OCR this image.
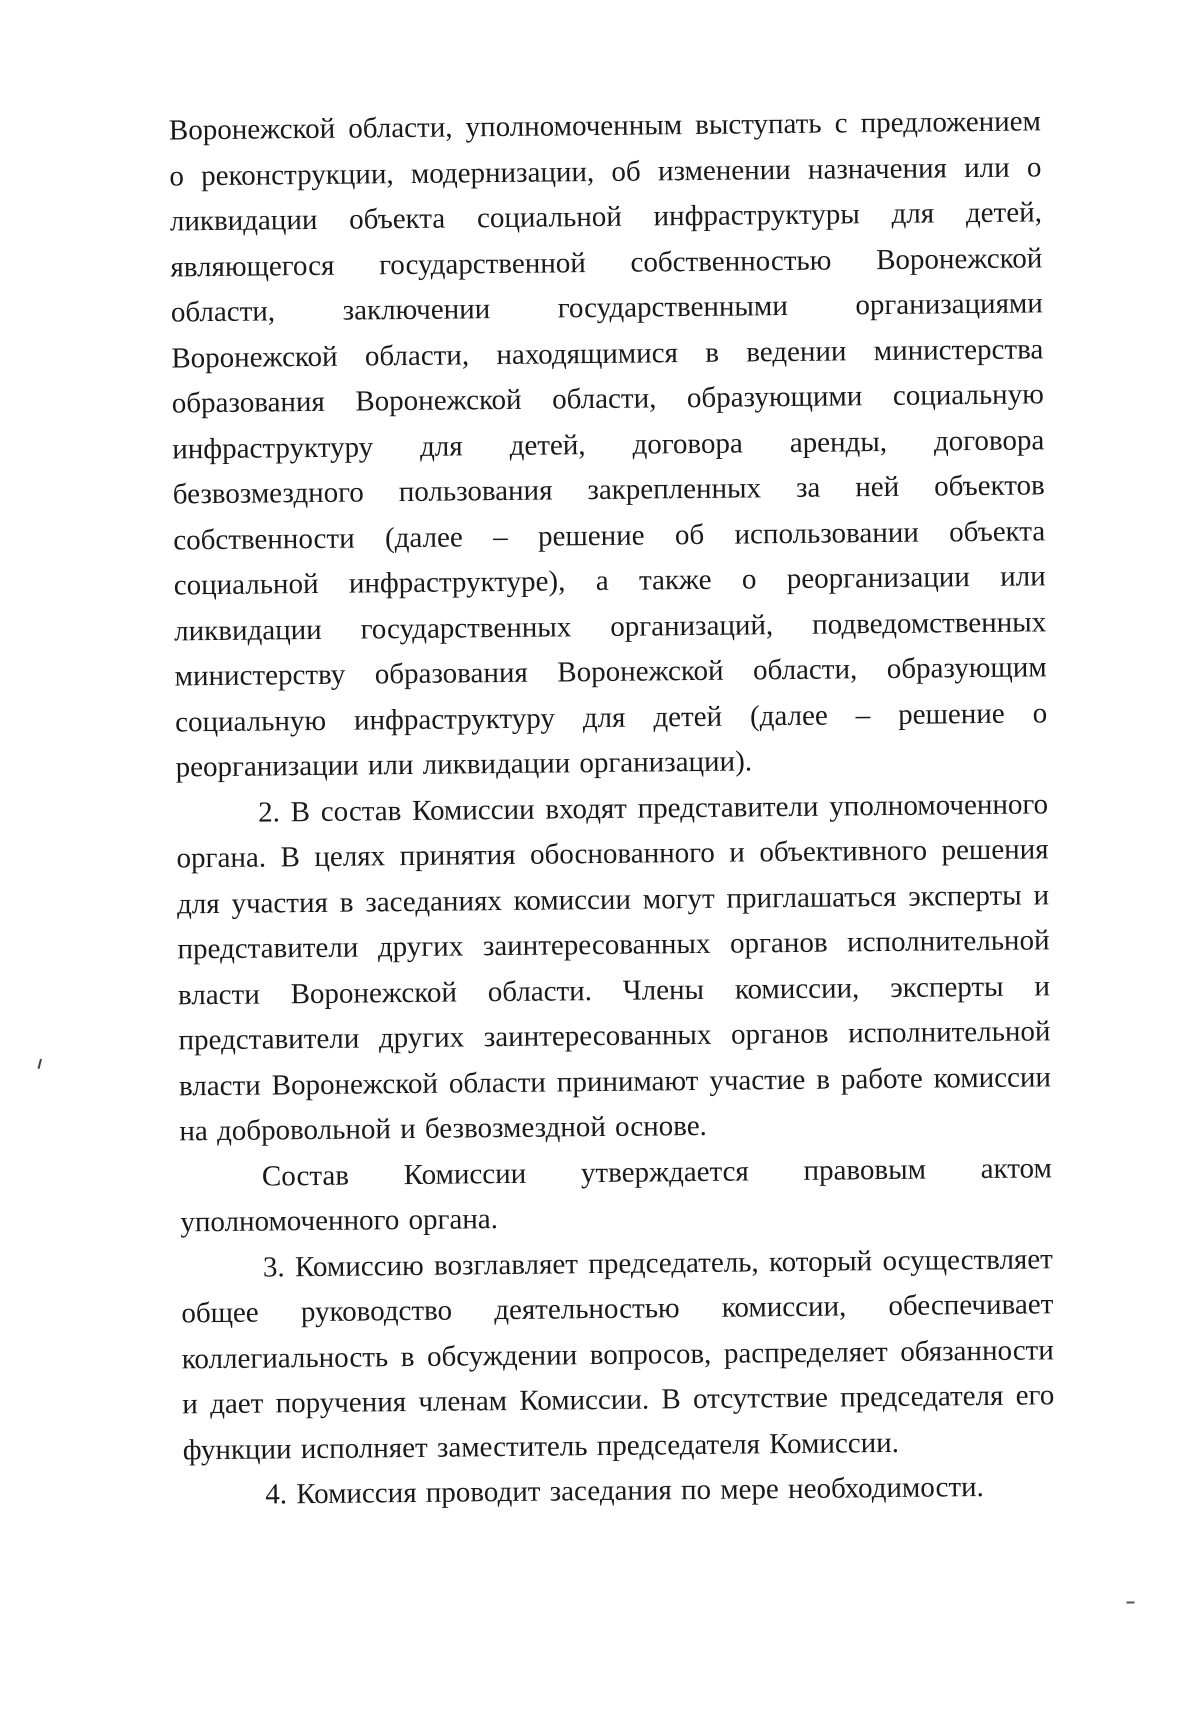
Воронежской области, уполномоченным выступать с предложением о реконструкции, модернизации, об изменении назначения или о ликвидации объекта социальной инфраструктуры для детей, являющегося государственной собственностью Воронежской области, заключении государственными организациями Воронежской области, находящимися в ведении министерства образования Воронежской области, образующими социальную инфраструктуру для детей, договора аренды, договора безвозмездного пользования закрепленных за ней объектов собственности (далее – решение об использовании объекта социальной инфраструктуре), а также о реорганизации или ликвидации государственных организаций, подведомственных министерству образования Воронежской области, образующим социальную инфраструктуру для детей (далее – решение о реорганизации или ликвидации организации).

2. В состав Комиссии входят представители уполномоченного органа. В целях принятия обоснованного и объективного решения для участия в заседаниях комиссии могут приглашаться эксперты и представители других заинтересованных органов исполнительной власти Воронежской области. Члены комиссии, эксперты и представители других заинтересованных органов исполнительной власти Воронежской области принимают участие в работе комиссии на добровольной и безвозмездной основе.

Состав Комиссии утверждается правовым актом уполномоченного органа.

3. Комиссию возглавляет председатель, который осуществляет общее руководство деятельностью комиссии, обеспечивает коллегиальность в обсуждении вопросов, распределяет обязанности и дает поручения членам Комиссии. В отсутствие председателя его функции исполняет заместитель председателя Комиссии.

4. Комиссия проводит заседания по мере необходимости.
